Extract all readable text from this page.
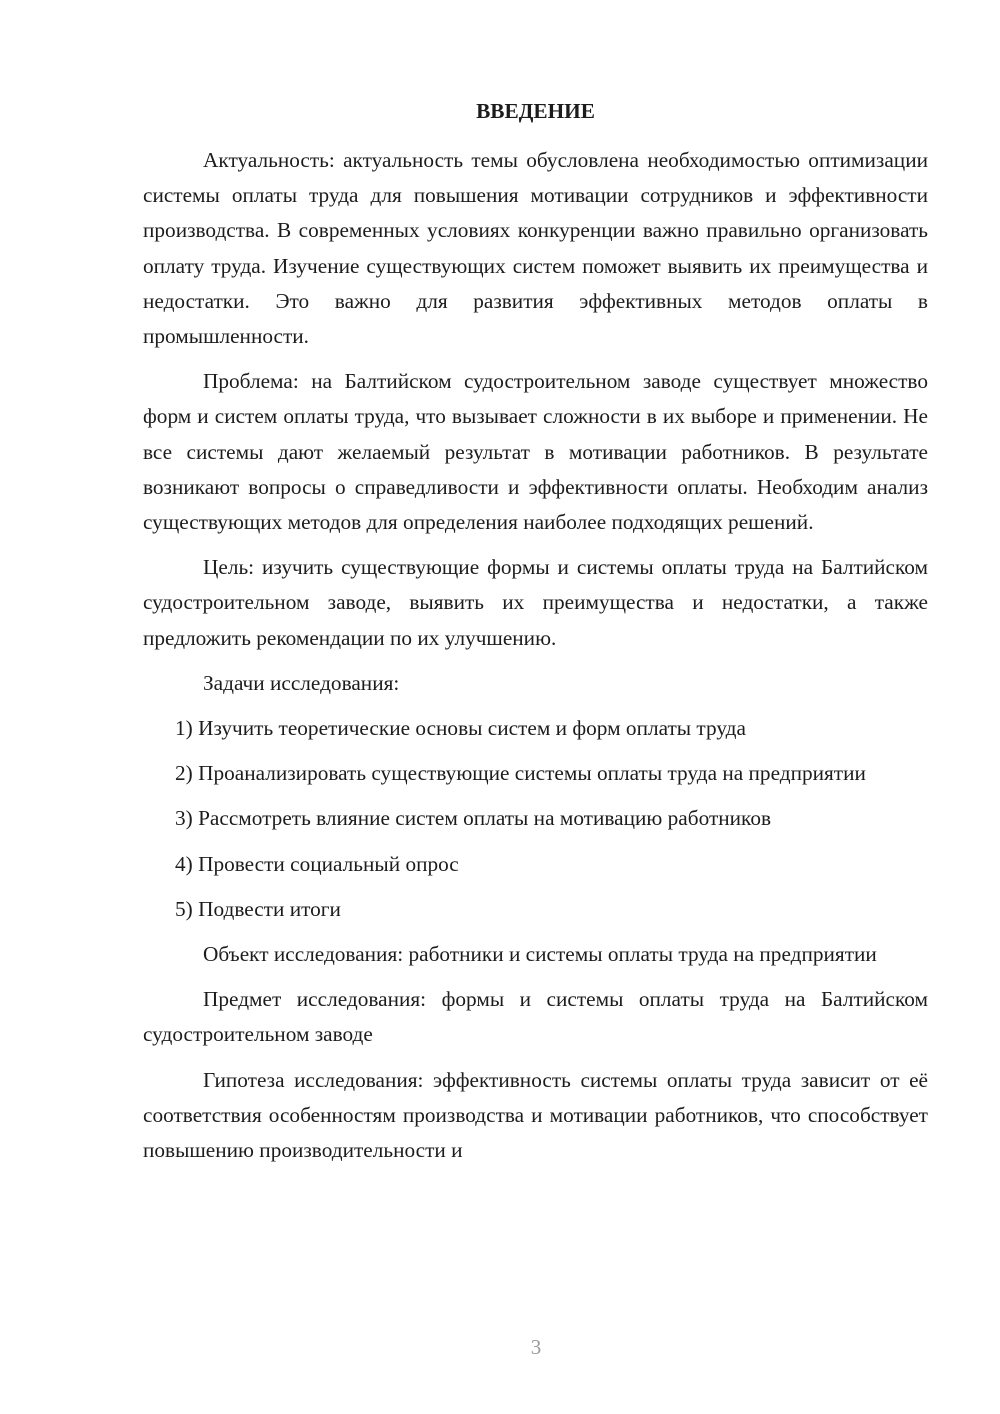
ВВЕДЕНИЕ

Актуальность: актуальность темы обусловлена необходимостью оптимизации системы оплаты труда для повышения мотивации сотрудников и эффективности производства. В современных условиях конкуренции важно правильно организовать оплату труда. Изучение существующих систем поможет выявить их преимущества и недостатки. Это важно для развития эффективных методов оплаты в промышленности.

Проблема: на Балтийском судостроительном заводе существует множество форм и систем оплаты труда, что вызывает сложности в их выборе и применении. Не все системы дают желаемый результат в мотивации работников. В результате возникают вопросы о справедливости и эффективности оплаты. Необходим анализ существующих методов для определения наиболее подходящих решений.

Цель: изучить существующие формы и системы оплаты труда на Балтийском судостроительном заводе, выявить их преимущества и недостатки, а также предложить рекомендации по их улучшению.

Задачи исследования:

1) Изучить теоретические основы систем и форм оплаты труда

2) Проанализировать существующие системы оплаты труда на предприятии

3) Рассмотреть влияние систем оплаты на мотивацию работников

4) Провести социальный опрос

5) Подвести итоги

Объект исследования: работники и системы оплаты труда на предприятии

Предмет исследования: формы и системы оплаты труда на Балтийском судостроительном заводе

Гипотеза исследования: эффективность системы оплаты труда зависит от её соответствия особенностям производства и мотивации работников, что способствует повышению производительности и

3
